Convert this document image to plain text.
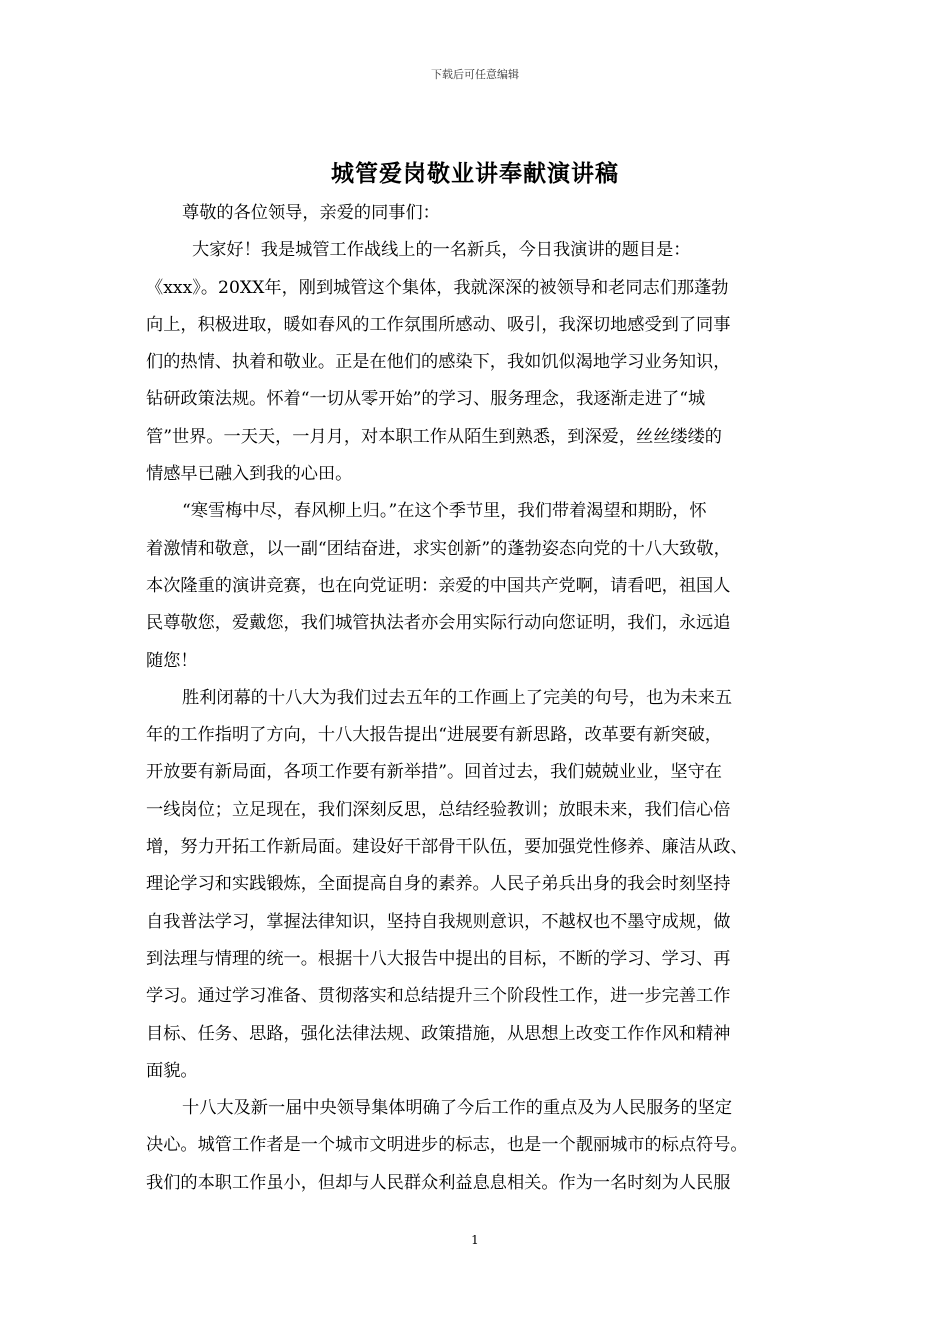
下载后可任意编辑
城管爱岗敬业讲奉献演讲稿
尊敬的各位领导，亲爱的同事们：
大家好！我是城管工作战线上的一名新兵，今日我演讲的题目是：
《xxx》。20XX年，刚到城管这个集体，我就深深的被领导和老同志们那蓬勃
向上，积极进取，暖如春风的工作氛围所感动、吸引，我深切地感受到了同事
们的热情、执着和敬业。正是在他们的感染下，我如饥似渴地学习业务知识，
钻研政策法规。怀着“一切从零开始”的学习、服务理念，我逐渐走进了“城
管”世界。一天天，一月月，对本职工作从陌生到熟悉，到深爱，丝丝缕缕的
情感早已融入到我的心田。
“寒雪梅中尽，春风柳上归。”在这个季节里，我们带着渴望和期盼，怀
着激情和敬意，以一副“团结奋进，求实创新”的蓬勃姿态向党的十八大致敬，
本次隆重的演讲竞赛，也在向党证明：亲爱的中国共产党啊，请看吧，祖国人
民尊敬您，爱戴您，我们城管执法者亦会用实际行动向您证明，我们，永远追
随您！
胜利闭幕的十八大为我们过去五年的工作画上了完美的句号，也为未来五
年的工作指明了方向，十八大报告提出“进展要有新思路，改革要有新突破，
开放要有新局面，各项工作要有新举措”。回首过去，我们兢兢业业，坚守在
一线岗位；立足现在，我们深刻反思，总结经验教训；放眼未来，我们信心倍
增，努力开拓工作新局面。建设好干部骨干队伍，要加强党性修养、廉洁从政、
理论学习和实践锻炼，全面提高自身的素养。人民子弟兵出身的我会时刻坚持
自我普法学习，掌握法律知识，坚持自我规则意识，不越权也不墨守成规，做
到法理与情理的统一。根据十八大报告中提出的目标，不断的学习、学习、再
学习。通过学习准备、贯彻落实和总结提升三个阶段性工作，进一步完善工作
目标、任务、思路，强化法律法规、政策措施，从思想上改变工作作风和精神
面貌。
十八大及新一届中央领导集体明确了今后工作的重点及为人民服务的坚定
决心。城管工作者是一个城市文明进步的标志，也是一个靓丽城市的标点符号。
我们的本职工作虽小，但却与人民群众利益息息相关。作为一名时刻为人民服
1
